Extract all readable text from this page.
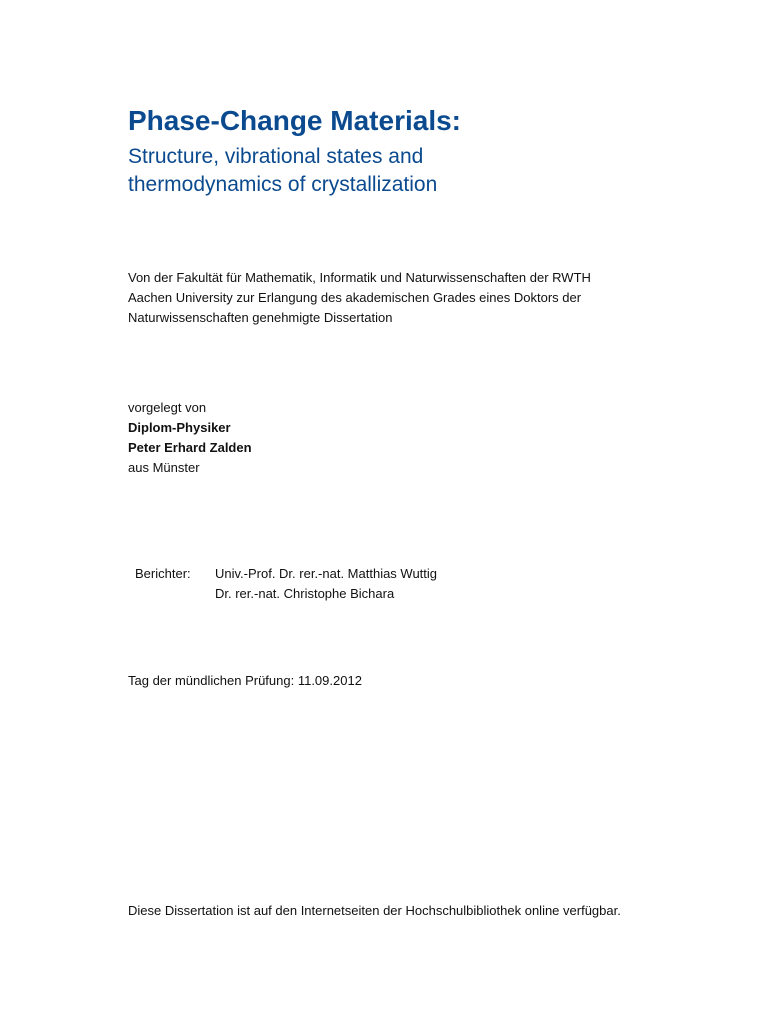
Phase-Change Materials:
Structure, vibrational states and
thermodynamics of crystallization

Von der Fakultät für Mathematik, Informatik und Naturwissenschaften der RWTH
Aachen University zur Erlangung des akademischen Grades eines Doktors der
Naturwissenschaften genehmigte Dissertation

vorgelegt von
Diplom-Physiker
Peter Erhard Zalden
aus Münster

Berichter:	Univ.-Prof. Dr. rer.-nat. Matthias Wuttig
Dr. rer.-nat. Christophe Bichara

Tag der mündlichen Prüfung: 11.09.2012

Diese Dissertation ist auf den Internetseiten der Hochschulbibliothek online verfügbar.
